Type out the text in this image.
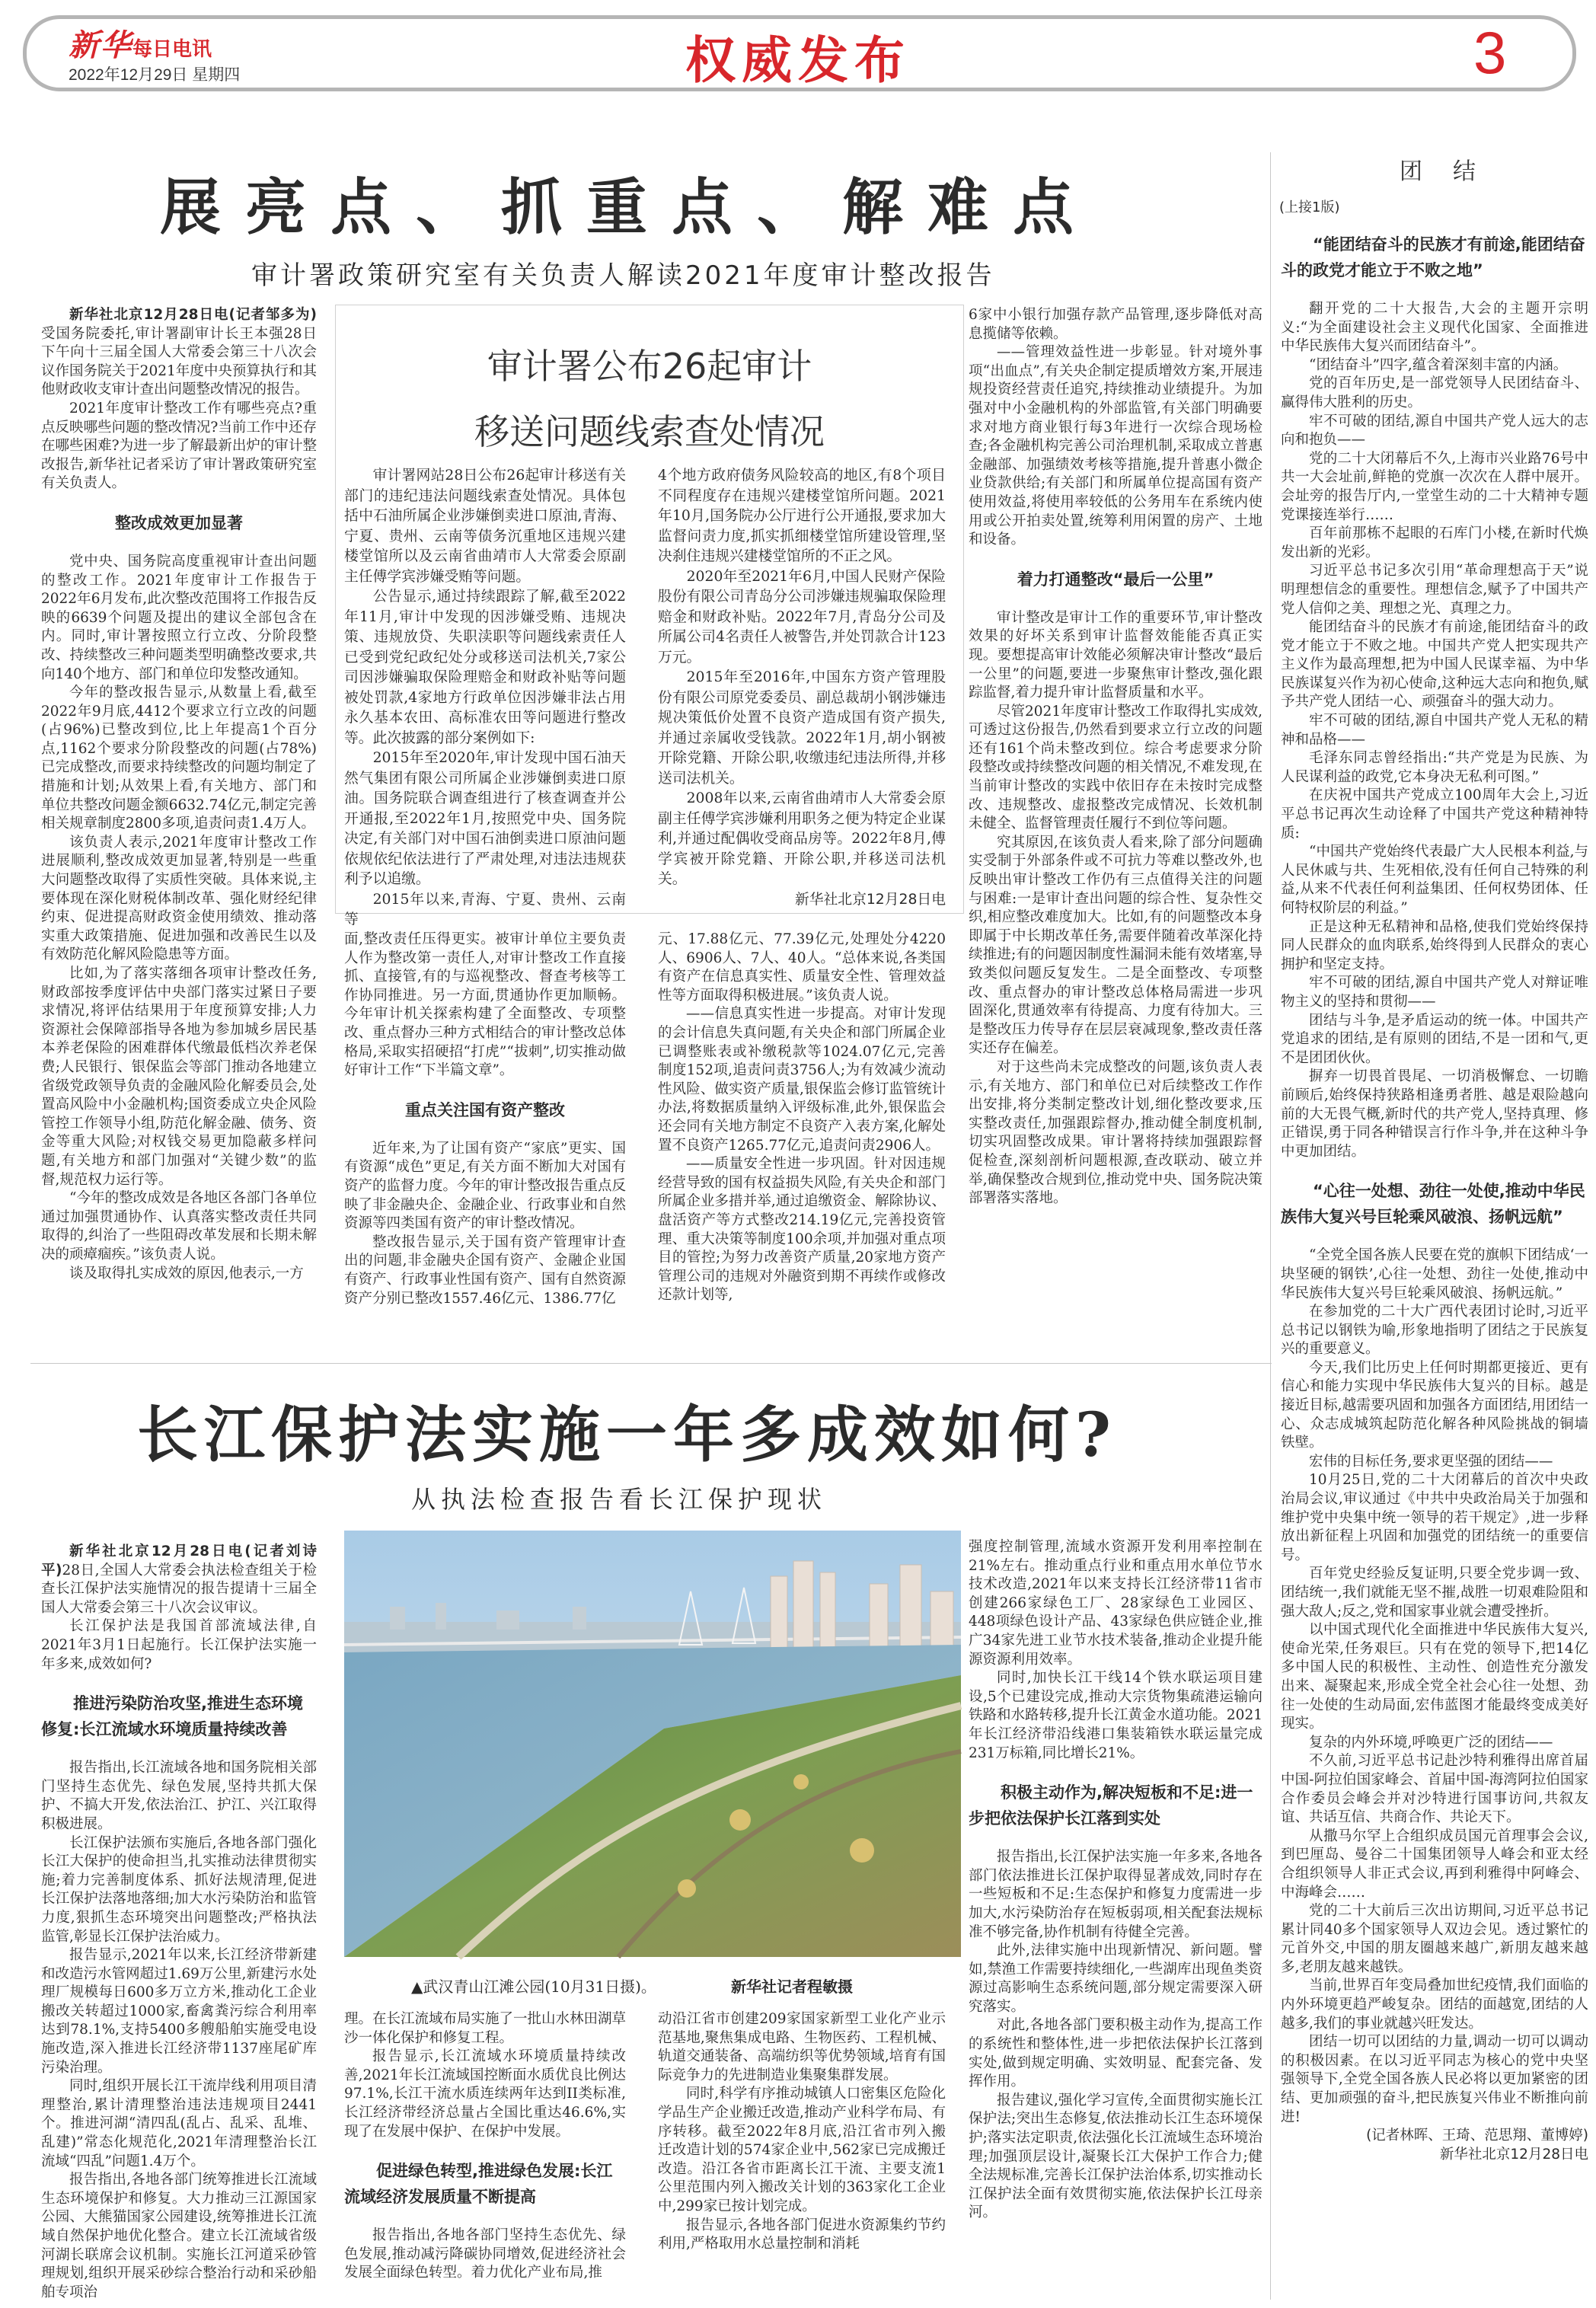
新华每日电讯
2022年12月29日 星期四	权威发布	3
展亮点、抓重点、解难点
审计署政策研究室有关负责人解读2021年度审计整改报告

新华社北京12月28日电(记者邹多为)受国务院委托,审计署副审计长王本强28日下午向十三届全国人大常委会第三十八次会议作国务院关于2021年度中央预算执行和其他财政收支审计查出问题整改情况的报告。

2021年度审计整改工作有哪些亮点?重点反映哪些问题的整改情况?当前工作中还存在哪些困难?为进一步了解最新出炉的审计整改报告,新华社记者采访了审计署政策研究室有关负责人。

整改成效更加显著

党中央、国务院高度重视审计查出问题的整改工作。2021年度审计工作报告于2022年6月发布,此次整改范围将工作报告反映的6639个问题及提出的建议全部包含在内。同时,审计署按照立行立改、分阶段整改、持续整改三种问题类型明确整改要求,共向140个地方、部门和单位印发整改通知。

今年的整改报告显示,从数量上看,截至2022年9月底,4412个要求立行立改的问题(占96%)已整改到位,比上年提高1个百分点,1162个要求分阶段整改的问题(占78%)已完成整改,而要求持续整改的问题均制定了措施和计划;从效果上看,有关地方、部门和单位共整改问题金额6632.74亿元,制定完善相关规章制度2800多项,追责问责1.4万人。

该负责人表示,2021年度审计整改工作进展顺利,整改成效更加显著,特别是一些重大问题整改取得了实质性突破。具体来说,主要体现在深化财税体制改革、强化财经纪律约束、促进提高财政资金使用绩效、推动落实重大政策措施、促进加强和改善民生以及有效防范化解风险隐患等方面。

比如,为了落实落细各项审计整改任务,财政部按季度评估中央部门落实过紧日子要求情况,将评估结果用于年度预算安排;人力资源社会保障部指导各地为参加城乡居民基本养老保险的困难群体代缴最低档次养老保费;人民银行、银保监会等部门推动各地建立省级党政领导负责的金融风险化解委员会,处置高风险中小金融机构;国资委成立央企风险管控工作领导小组,防范化解金融、债务、资金等重大风险;对权钱交易更加隐蔽多样问题,有关地方和部门加强对“关键少数”的监督,规范权力运行等。

“今年的整改成效是各地区各部门各单位通过加强贯通协作、认真落实整改责任共同取得的,纠治了一些阻碍改革发展和长期未解决的顽瘴痼疾。”该负责人说。

谈及取得扎实成效的原因,他表示,一方

审计署公布26起审计
移送问题线索查处情况

审计署网站28日公布26起审计移送有关部门的违纪违法问题线索查处情况。具体包括中石油所属企业涉嫌倒卖进口原油,青海、宁夏、贵州、云南等债务沉重地区违规兴建楼堂馆所以及云南省曲靖市人大常委会原副主任傅学宾涉嫌受贿等问题。

公告显示,通过持续跟踪了解,截至2022年11月,审计中发现的因涉嫌受贿、违规决策、违规放贷、失职渎职等问题线索责任人已受到党纪政纪处分或移送司法机关,7家公司因涉嫌骗取保险理赔金和财政补贴等问题被处罚款,4家地方行政单位因涉嫌非法占用永久基本农田、高标准农田等问题进行整改等。此次披露的部分案例如下:

2015年至2020年,审计发现中国石油天然气集团有限公司所属企业涉嫌倒卖进口原油。国务院联合调查组进行了核查调查并公开通报,至2022年1月,按照党中央、国务院决定,有关部门对中国石油倒卖进口原油问题依规依纪依法进行了严肃处理,对违法违规获利予以追缴。

2015年以来,青海、宁夏、贵州、云南等

4个地方政府债务风险较高的地区,有8个项目不同程度存在违规兴建楼堂馆所问题。2021年10月,国务院办公厅进行公开通报,要求加大监督问责力度,抓实抓细楼堂馆所建设管理,坚决刹住违规兴建楼堂馆所的不正之风。

2020年至2021年6月,中国人民财产保险股份有限公司青岛分公司涉嫌违规骗取保险理赔金和财政补贴。2022年7月,青岛分公司及所属公司4名责任人被警告,并处罚款合计123万元。

2015年至2016年,中国东方资产管理股份有限公司原党委委员、副总裁胡小钢涉嫌违规决策低价处置不良资产造成国有资产损失,并通过亲属收受钱款。2022年1月,胡小钢被开除党籍、开除公职,收缴违纪违法所得,并移送司法机关。

2008年以来,云南省曲靖市人大常委会原副主任傅学宾涉嫌利用职务之便为特定企业谋利,并通过配偶收受商品房等。2022年8月,傅学宾被开除党籍、开除公职,并移送司法机关。

新华社北京12月28日电

面,整改责任压得更实。被审计单位主要负责人作为整改第一责任人,对审计整改工作直接抓、直接管,有的与巡视整改、督查考核等工作协同推进。另一方面,贯通协作更加顺畅。今年审计机关探索构建了全面整改、专项整改、重点督办三种方式相结合的审计整改总体格局,采取实招硬招“打虎”“拔刺”,切实推动做好审计工作“下半篇文章”。

重点关注国有资产整改

近年来,为了让国有资产“家底”更实、国有资源“成色”更足,有关方面不断加大对国有资产的监督力度。今年的审计整改报告重点反映了非金融央企、金融企业、行政事业和自然资源等四类国有资产的审计整改情况。

整改报告显示,关于国有资产管理审计查出的问题,非金融央企国有资产、金融企业国有资产、行政事业性国有资产、国有自然资源资产分别已整改1557.46亿元、1386.77亿

元、17.88亿元、77.39亿元,处理处分4220人、6906人、7人、40人。“总体来说,各类国有资产在信息真实性、质量安全性、管理效益性等方面取得积极进展。”该负责人说。

——信息真实性进一步提高。对审计发现的会计信息失真问题,有关央企和部门所属企业已调整账表或补缴税款等1024.07亿元,完善制度152项,追责问责3756人;为有效减少流动性风险、做实资产质量,银保监会修订监管统计办法,将数据质量纳入评级标准,此外,银保监会还会同有关地方制定不良资产入表方案,化解处置不良资产1265.77亿元,追责问责2906人。

——质量安全性进一步巩固。针对因违规经营导致的国有权益损失风险,有关央企和部门所属企业多措并举,通过追缴资金、解除协议、盘活资产等方式整改214.19亿元,完善投资管理、重大决策等制度100余项,并加强对重点项目的管控;为努力改善资产质量,20家地方资产管理公司的违规对外融资到期不再续作或修改还款计划等,

6家中小银行加强存款产品管理,逐步降低对高息揽储等依赖。

——管理效益性进一步彰显。针对境外事项“出血点”,有关央企制定提质增效方案,开展违规投资经营责任追究,持续推动业绩提升。为加强对中小金融机构的外部监管,有关部门明确要求对地方商业银行每3年进行一次综合现场检查;各金融机构完善公司治理机制,采取成立普惠金融部、加强绩效考核等措施,提升普惠小微企业贷款供给;有关部门和所属单位提高国有资产使用效益,将使用率较低的公务用车在系统内使用或公开拍卖处置,统筹利用闲置的房产、土地和设备。

着力打通整改“最后一公里”

审计整改是审计工作的重要环节,审计整改效果的好坏关系到审计监督效能能否真正实现。要想提高审计效能必须解决审计整改“最后一公里”的问题,要进一步聚焦审计整改,强化跟踪监督,着力提升审计监督质量和水平。

尽管2021年度审计整改工作取得扎实成效,可透过这份报告,仍然看到要求立行立改的问题还有161个尚未整改到位。综合考虑要求分阶段整改或持续整改问题的相关情况,不难发现,在当前审计整改的实践中依旧存在未按时完成整改、违规整改、虚报整改完成情况、长效机制未健全、监督管理责任履行不到位等问题。

究其原因,在该负责人看来,除了部分问题确实受制于外部条件或不可抗力等难以整改外,也反映出审计整改工作仍有三点值得关注的问题与困难:一是审计查出问题的综合性、复杂性交织,相应整改难度加大。比如,有的问题整改本身即属于中长期改革任务,需要伴随着改革深化持续推进;有的问题因制度性漏洞未能有效堵塞,导致类似问题反复发生。二是全面整改、专项整改、重点督办的审计整改总体格局需进一步巩固深化,贯通效率有待提高、力度有待加大。三是整改压力传导存在层层衰减现象,整改责任落实还存在偏差。

对于这些尚未完成整改的问题,该负责人表示,有关地方、部门和单位已对后续整改工作作出安排,将分类制定整改计划,细化整改要求,压实整改责任,加强跟踪督办,推动健全制度机制,切实巩固整改成果。审计署将持续加强跟踪督促检查,深刻剖析问题根源,查改联动、破立并举,确保整改合规到位,推动党中央、国务院决策部署落实落地。

长江保护法实施一年多成效如何?
从执法检查报告看长江保护现状

新华社北京12月28日电(记者刘诗平)28日,全国人大常委会执法检查组关于检查长江保护法实施情况的报告提请十三届全国人大常委会第三十八次会议审议。

长江保护法是我国首部流域法律,自2021年3月1日起施行。长江保护法实施一年多来,成效如何?

推进污染防治攻坚,推进生态环境修复:长江流域水环境质量持续改善

报告指出,长江流域各地和国务院相关部门坚持生态优先、绿色发展,坚持共抓大保护、不搞大开发,依法治江、护江、兴江取得积极进展。

长江保护法颁布实施后,各地各部门强化长江大保护的使命担当,扎实推动法律贯彻实施;着力完善制度体系、抓好法规清理,促进长江保护法落地落细;加大水污染防治和监管力度,狠抓生态环境突出问题整改;严格执法监管,彰显长江保护法治威力。

报告显示,2021年以来,长江经济带新建和改造污水管网超过1.69万公里,新建污水处理厂规模每日600多万立方米,推动化工企业搬改关转超过1000家,畜禽粪污综合利用率达到78.1%,支持5400多艘船舶实施受电设施改造,深入推进长江经济带1137座尾矿库污染治理。

同时,组织开展长江干流岸线利用项目清理整治,累计清理整治违法违规项目2441个。推进河湖“清四乱(乱占、乱采、乱堆、乱建)”常态化规范化,2021年清理整治长江流域“四乱”问题1.4万个。

报告指出,各地各部门统筹推进长江流域生态环境保护和修复。大力推动三江源国家公园、大熊猫国家公园建设,统筹推进长江流域自然保护地优化整合。建立长江流域省级河湖长联席会议机制。实施长江河道采砂管理规划,组织开展采砂综合整治行动和采砂船舶专项治

▲武汉青山江滩公园(10月31日摄)。	新华社记者程敏摄

理。在长江流域布局实施了一批山水林田湖草沙一体化保护和修复工程。

报告显示,长江流域水环境质量持续改善,2021年长江流域国控断面水质优良比例达97.1%,长江干流水质连续两年达到II类标准,长江经济带经济总量占全国比重达46.6%,实现了在发展中保护、在保护中发展。

促进绿色转型,推进绿色发展:长江流域经济发展质量不断提高

报告指出,各地各部门坚持生态优先、绿色发展,推动减污降碳协同增效,促进经济社会发展全面绿色转型。着力优化产业布局,推

动沿江省市创建209家国家新型工业化产业示范基地,聚焦集成电路、生物医药、工程机械、轨道交通装备、高端纺织等优势领域,培育有国际竞争力的先进制造业集聚集群发展。

同时,科学有序推动城镇人口密集区危险化学品生产企业搬迁改造,推动产业科学布局、有序转移。截至2022年8月底,沿江省市列入搬迁改造计划的574家企业中,562家已完成搬迁改造。沿江各省市距离长江干流、主要支流1公里范围内列入搬改关计划的363家化工企业中,299家已按计划完成。

报告显示,各地各部门促进水资源集约节约利用,严格取用水总量控制和消耗

强度控制管理,流域水资源开发利用率控制在21%左右。推动重点行业和重点用水单位节水技术改造,2021年以来支持长江经济带11省市创建266家绿色工厂、28家绿色工业园区、448项绿色设计产品、43家绿色供应链企业,推广34家先进工业节水技术装备,推动企业提升能源资源利用效率。

同时,加快长江干线14个铁水联运项目建设,5个已建设完成,推动大宗货物集疏港运输向铁路和水路转移,提升长江黄金水道功能。2021年长江经济带沿线港口集装箱铁水联运量完成231万标箱,同比增长21%。

积极主动作为,解决短板和不足:进一步把依法保护长江落到实处

报告指出,长江保护法实施一年多来,各地各部门依法推进长江保护取得显著成效,同时存在一些短板和不足:生态保护和修复力度需进一步加大,水污染防治存在短板弱项,相关配套法规标准不够完备,协作机制有待健全完善。

此外,法律实施中出现新情况、新问题。譬如,禁渔工作需要持续细化,一些湖库出现鱼类资源过高影响生态系统问题,部分规定需要深入研究落实。

对此,各地各部门要积极主动作为,提高工作的系统性和整体性,进一步把依法保护长江落到实处,做到规定明确、实效明显、配套完备、发挥作用。

报告建议,强化学习宣传,全面贯彻实施长江保护法;突出生态修复,依法推动长江生态环境保护;落实法定职责,依法强化长江流域生态环境治理;加强顶层设计,凝聚长江大保护工作合力;健全法规标准,完善长江保护法治体系,切实推动长江保护法全面有效贯彻实施,依法保护长江母亲河。

团结
(上接1版)
“能团结奋斗的民族才有前途,能团结奋斗的政党才能立于不败之地”

翻开党的二十大报告,大会的主题开宗明义:“为全面建设社会主义现代化国家、全面推进中华民族伟大复兴而团结奋斗”。

“团结奋斗”四字,蕴含着深刻丰富的内涵。

党的百年历史,是一部党领导人民团结奋斗、赢得伟大胜利的历史。

牢不可破的团结,源自中国共产党人远大的志向和抱负——

党的二十大闭幕后不久,上海市兴业路76号中共一大会址前,鲜艳的党旗一次次在人群中展开。会址旁的报告厅内,一堂堂生动的二十大精神专题党课接连举行……

百年前那栋不起眼的石库门小楼,在新时代焕发出新的光彩。

习近平总书记多次引用“革命理想高于天”说明理想信念的重要性。理想信念,赋予了中国共产党人信仰之美、理想之光、真理之力。

能团结奋斗的民族才有前途,能团结奋斗的政党才能立于不败之地。中国共产党人把实现共产主义作为最高理想,把为中国人民谋幸福、为中华民族谋复兴作为初心使命,这种远大志向和抱负,赋予共产党人团结一心、顽强奋斗的强大动力。

牢不可破的团结,源自中国共产党人无私的精神和品格——

毛泽东同志曾经指出:“共产党是为民族、为人民谋利益的政党,它本身决无私利可图。”

在庆祝中国共产党成立100周年大会上,习近平总书记再次生动诠释了中国共产党这种精神特质:

“中国共产党始终代表最广大人民根本利益,与人民休戚与共、生死相依,没有任何自己特殊的利益,从来不代表任何利益集团、任何权势团体、任何特权阶层的利益。”

正是这种无私精神和品格,使我们党始终保持同人民群众的血肉联系,始终得到人民群众的衷心拥护和坚定支持。

牢不可破的团结,源自中国共产党人对辩证唯物主义的坚持和贯彻——

团结与斗争,是矛盾运动的统一体。中国共产党追求的团结,是有原则的团结,不是一团和气,更不是团团伙伙。

摒弃一切畏首畏尾、一切消极懈怠、一切瞻前顾后,始终保持狭路相逢勇者胜、越是艰险越向前的大无畏气概,新时代的共产党人,坚持真理、修正错误,勇于同各种错误言行作斗争,并在这种斗争中更加团结。

“心往一处想、劲往一处使,推动中华民族伟大复兴号巨轮乘风破浪、扬帆远航”

“全党全国各族人民要在党的旗帜下团结成‘一块坚硬的钢铁’,心往一处想、劲往一处使,推动中华民族伟大复兴号巨轮乘风破浪、扬帆远航。”

在参加党的二十大广西代表团讨论时,习近平总书记以钢铁为喻,形象地指明了团结之于民族复兴的重要意义。

今天,我们比历史上任何时期都更接近、更有信心和能力实现中华民族伟大复兴的目标。越是接近目标,越需要巩固和加强各方面团结,用团结一心、众志成城筑起防范化解各种风险挑战的铜墙铁壁。

宏伟的目标任务,要求更坚强的团结——

10月25日,党的二十大闭幕后的首次中央政治局会议,审议通过《中共中央政治局关于加强和维护党中央集中统一领导的若干规定》,进一步释放出新征程上巩固和加强党的团结统一的重要信号。

百年党史经验反复证明,只要全党步调一致、团结统一,我们就能无坚不摧,战胜一切艰难险阻和强大敌人;反之,党和国家事业就会遭受挫折。

以中国式现代化全面推进中华民族伟大复兴,使命光荣,任务艰巨。只有在党的领导下,把14亿多中国人民的积极性、主动性、创造性充分激发出来、凝聚起来,形成全党全社会心往一处想、劲往一处使的生动局面,宏伟蓝图才能最终变成美好现实。

复杂的内外环境,呼唤更广泛的团结——

不久前,习近平总书记赴沙特利雅得出席首届中国-阿拉伯国家峰会、首届中国-海湾阿拉伯国家合作委员会峰会并对沙特进行国事访问,共叙友谊、共话互信、共商合作、共论天下。

从撒马尔罕上合组织成员国元首理事会会议,到巴厘岛、曼谷二十国集团领导人峰会和亚太经合组织领导人非正式会议,再到利雅得中阿峰会、中海峰会……

党的二十大前后三次出访期间,习近平总书记累计同40多个国家领导人双边会见。透过繁忙的元首外交,中国的朋友圈越来越广,新朋友越来越多,老朋友越来越铁。

当前,世界百年变局叠加世纪疫情,我们面临的内外环境更趋严峻复杂。团结的面越宽,团结的人越多,我们的事业就越兴旺发达。

团结一切可以团结的力量,调动一切可以调动的积极因素。在以习近平同志为核心的党中央坚强领导下,全党全国各族人民必将以更加紧密的团结、更加顽强的奋斗,把民族复兴伟业不断推向前进!

(记者林晖、王琦、范思翔、董博婷)

新华社北京12月28日电
